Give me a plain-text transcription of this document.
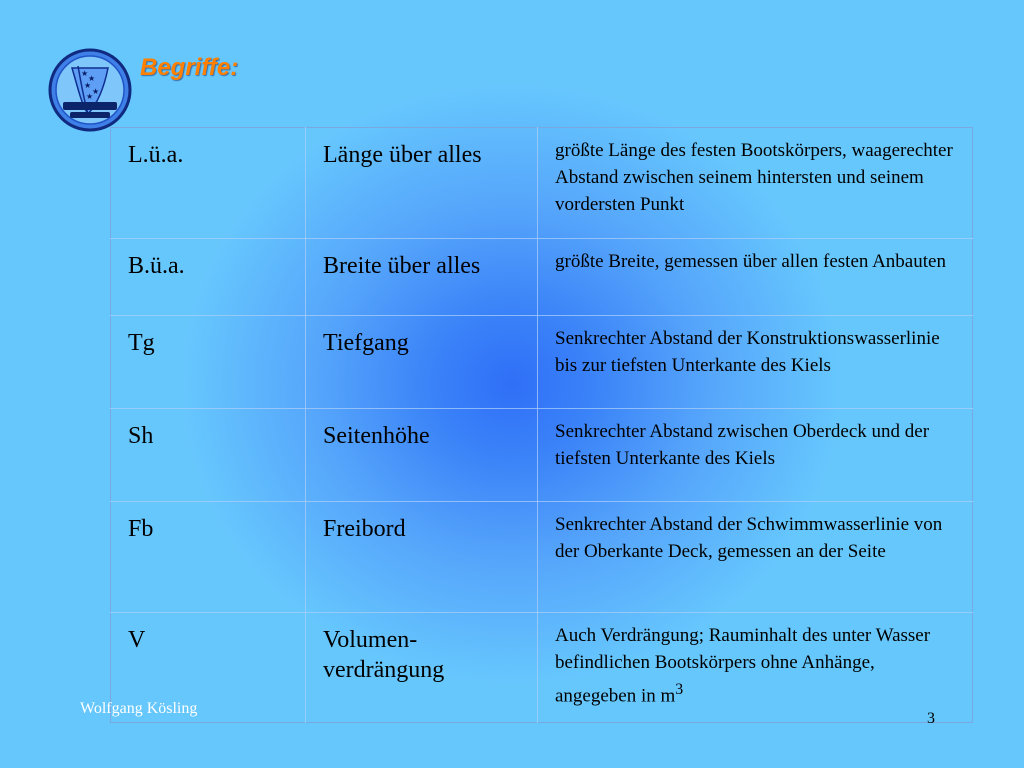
★
★
★
★
★
Begriffe:
L.ü.a.	Länge über alles	größte Länge des festen Bootskörpers, waagerechter Abstand zwischen seinem hintersten und seinem vordersten Punkt
B.ü.a.	Breite über alles	größte Breite, gemessen über allen festen Anbauten
Tg	Tiefgang	Senkrechter Abstand der Konstruktionswasserlinie bis zur tiefsten Unterkante des Kiels
Sh	Seitenhöhe	Senkrechter Abstand zwischen Oberdeck und der tiefsten Unterkante des Kiels
Fb	Freibord	Senkrechter Abstand der Schwimmwasserlinie von der Oberkante Deck, gemessen an der Seite
V	Volumen-verdrängung	Auch Verdrängung; Rauminhalt des unter Wasser befindlichen Bootskörpers ohne Anhänge, angegeben in $m^3$
Wolfgang Kösling
3
